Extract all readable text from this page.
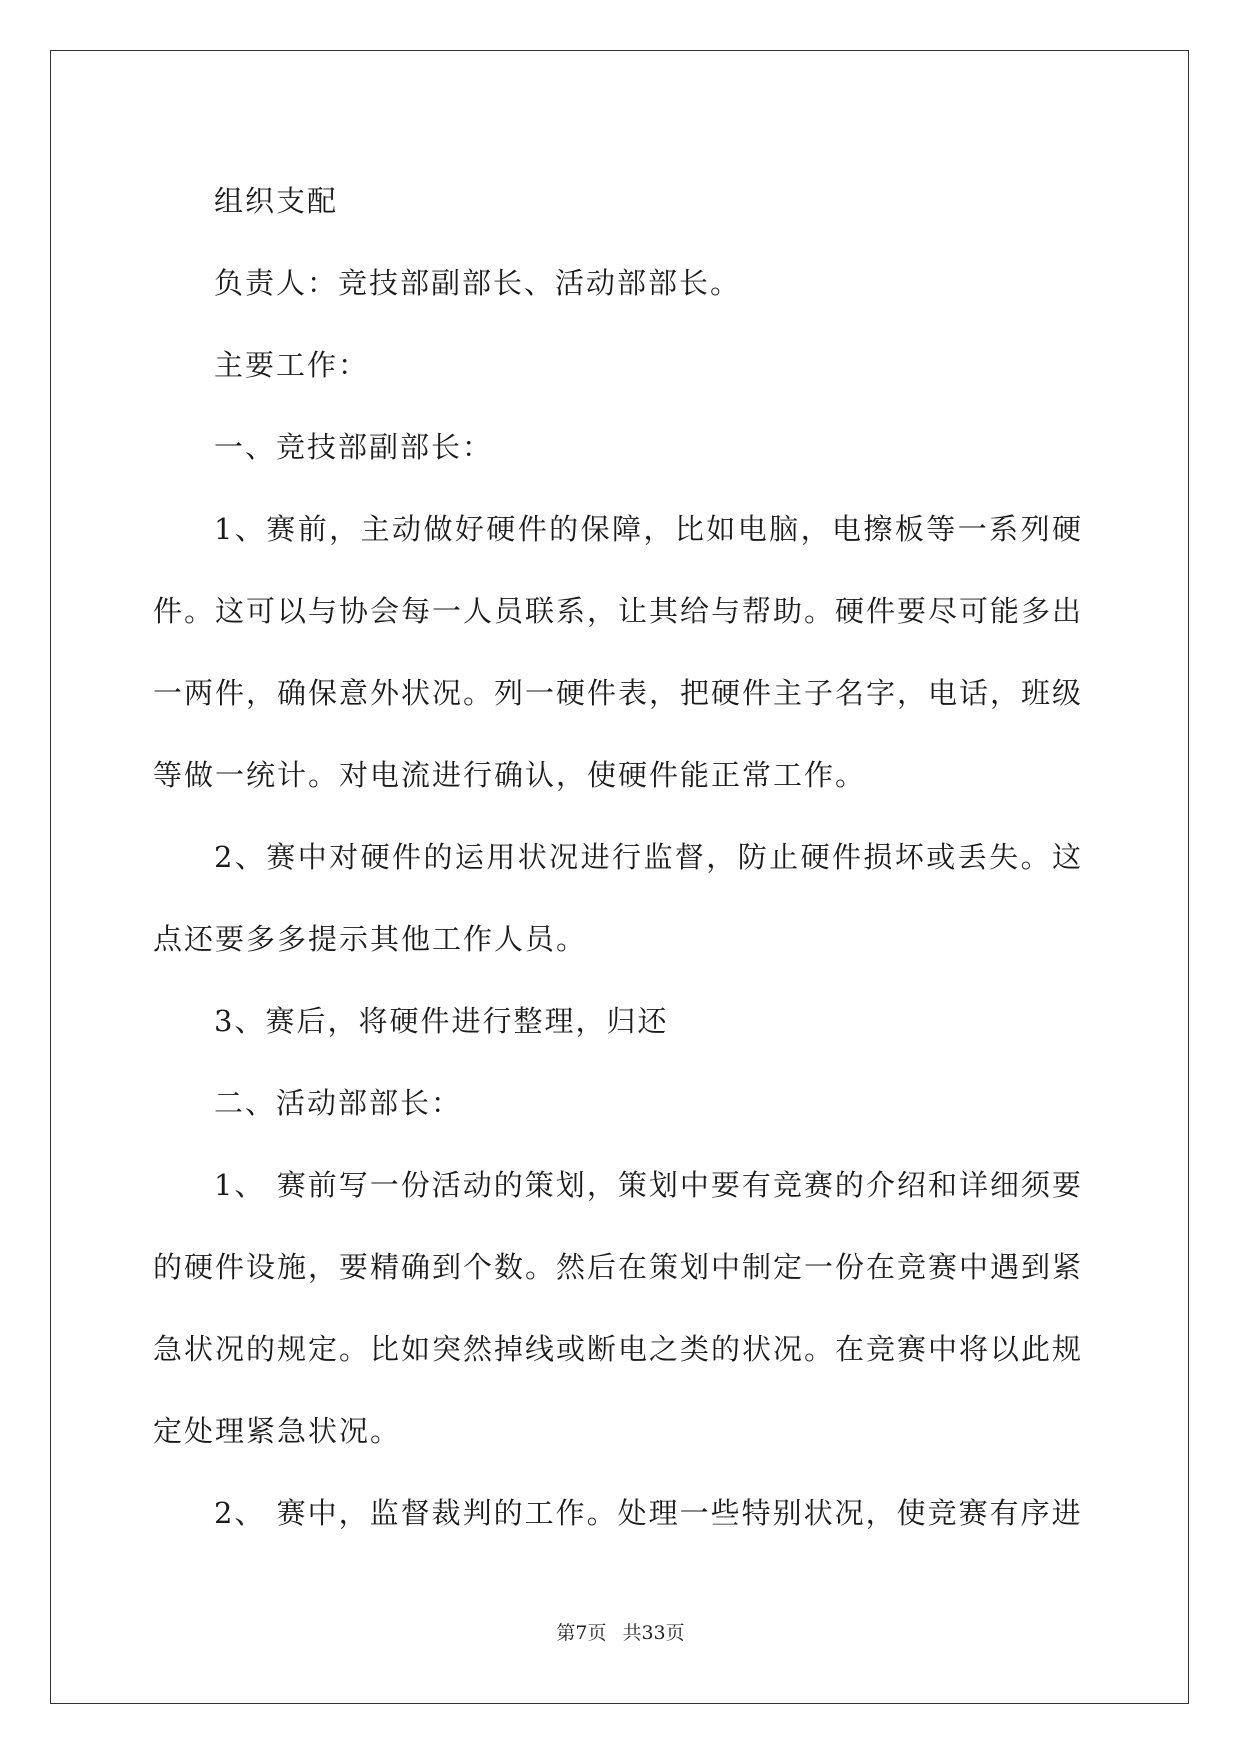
组织支配

负责人：竞技部副部长、活动部部长。

主要工作：

一、竞技部副部长：

1、赛前，主动做好硬件的保障，比如电脑，电擦板等一系列硬件。这可以与协会每一人员联系，让其给与帮助。硬件要尽可能多出一两件，确保意外状况。列一硬件表，把硬件主子名字，电话，班级等做一统计。对电流进行确认，使硬件能正常工作。

2、赛中对硬件的运用状况进行监督，防止硬件损坏或丢失。这点还要多多提示其他工作人员。

3、赛后，将硬件进行整理，归还

二、活动部部长：

1、 赛前写一份活动的策划，策划中要有竞赛的介绍和详细须要的硬件设施，要精确到个数。然后在策划中制定一份在竞赛中遇到紧急状况的规定。比如突然掉线或断电之类的状况。在竞赛中将以此规定处理紧急状况。

2、 赛中，监督裁判的工作。处理一些特别状况，使竞赛有序进

第7页 共33页
